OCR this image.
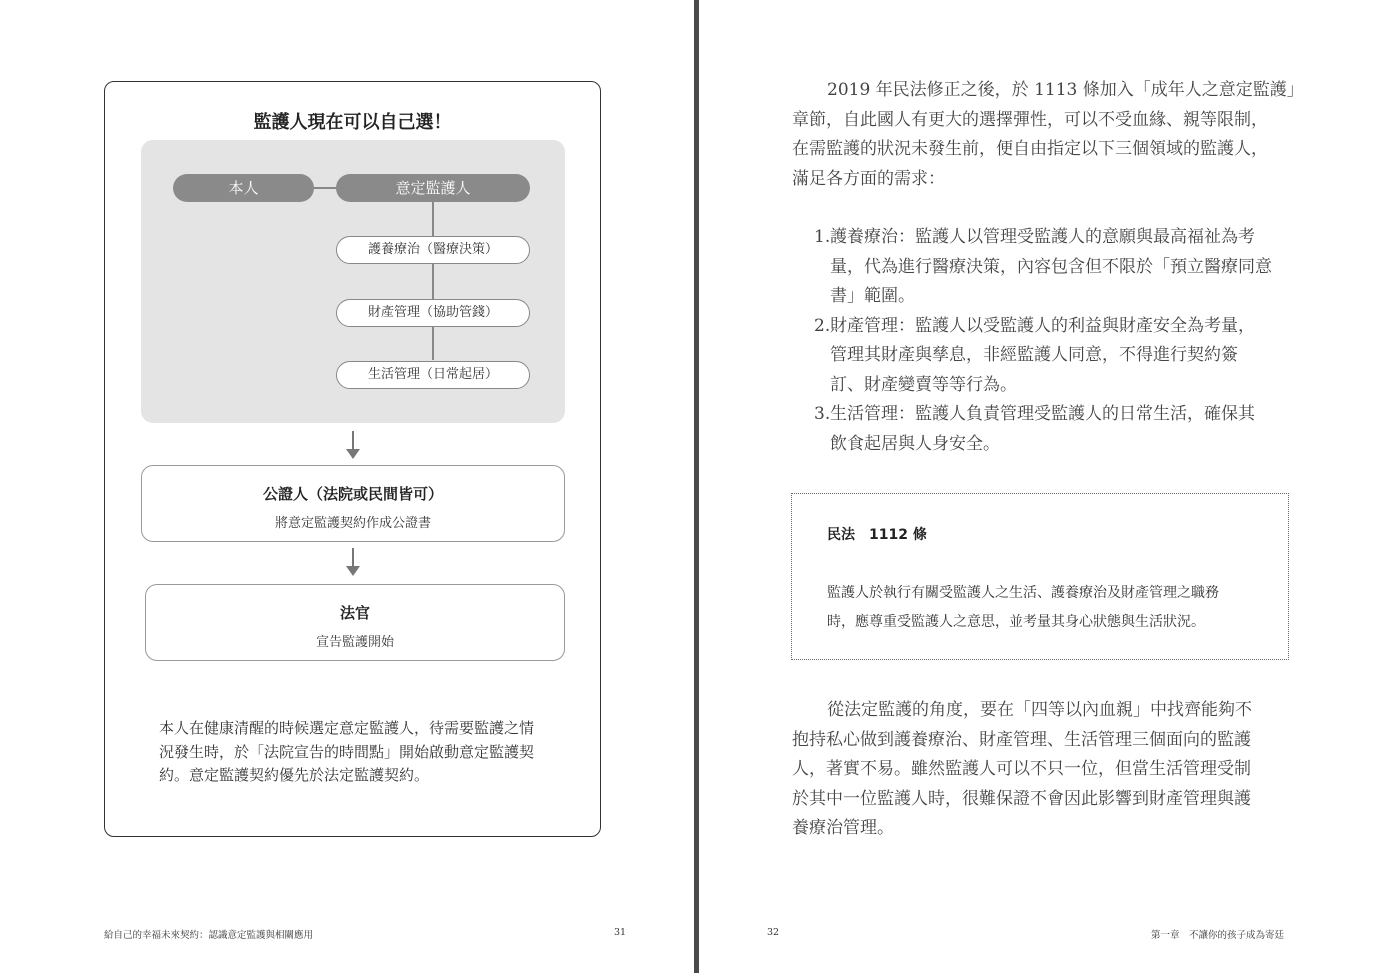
監護人現在可以自己選！
本人	意定監護人
護養療治（醫療決策）
財產管理（協助管錢）
生活管理（日常起居）
公證人（法院或民間皆可）
將意定監護契約作成公證書
法官
宣告監護開始
本人在健康清醒的時候選定意定監護人，待需要監護之情
況發生時，於「法院宣告的時間點」開始啟動意定監護契
約。意定監護契約優先於法定監護契約。
給自己的幸福未來契約：認識意定監護與相關應用	31
2019 年民法修正之後，於 1113 條加入「成年人之意定監護」
章節，自此國人有更大的選擇彈性，可以不受血緣、親等限制，
在需監護的狀況未發生前，便自由指定以下三個領域的監護人，
滿足各方面的需求：
1. 護養療治：監護人以管理受監護人的意願與最高福祉為考
量，代為進行醫療決策，內容包含但不限於「預立醫療同意
書」範圍。
2. 財產管理：監護人以受監護人的利益與財產安全為考量，
管理其財產與孳息，非經監護人同意，不得進行契約簽
訂、財產變賣等等行為。
3. 生活管理：監護人負責管理受監護人的日常生活，確保其
飲食起居與人身安全。
民法　1112 條
監護人於執行有關受監護人之生活、護養療治及財產管理之職務
時，應尊重受監護人之意思，並考量其身心狀態與生活狀況。
從法定監護的角度，要在「四等以內血親」中找齊能夠不
抱持私心做到護養療治、財產管理、生活管理三個面向的監護
人，著實不易。雖然監護人可以不只一位，但當生活管理受制
於其中一位監護人時，很難保證不會因此影響到財產管理與護
養療治管理。
32	第一章　不讓你的孩子成為寄廷
